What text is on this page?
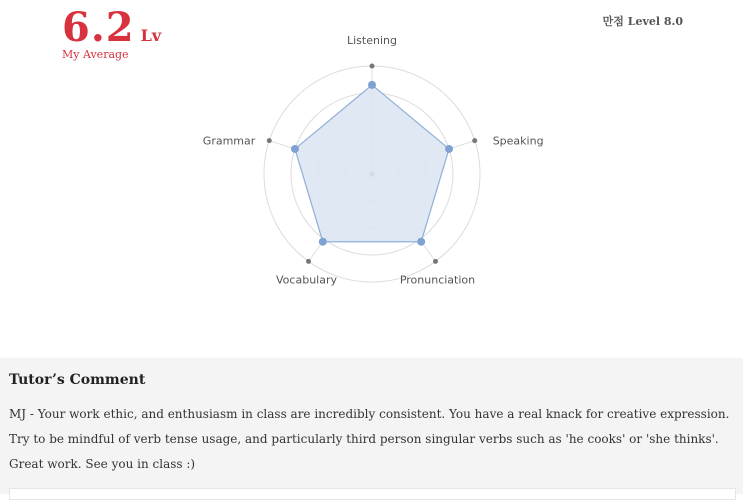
6.2 Lv
My Average
만점 Level 8.0
Listening
Speaking
Pronunciation
Vocabulary
Grammar
Tutor’s Comment

MJ - Your work ethic, and enthusiasm in class are incredibly consistent. You have a real knack for creative expression. Try to be mindful of verb tense usage, and particularly third person singular verbs such as 'he cooks' or 'she thinks'. Great work. See you in class :)
